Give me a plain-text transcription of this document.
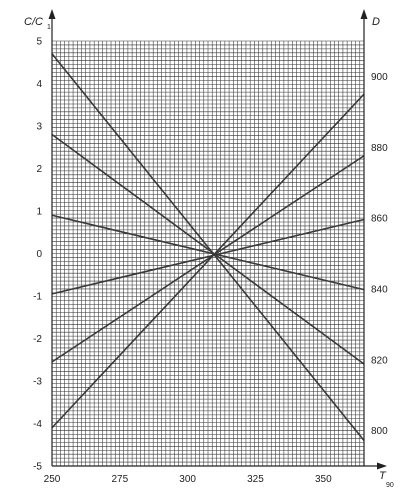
5
4
3
2
1
0
-1
-2
-3
-4
-5
900
880
860
840
820
800
250	275	300	325	350
C/C 1	D
T
90
